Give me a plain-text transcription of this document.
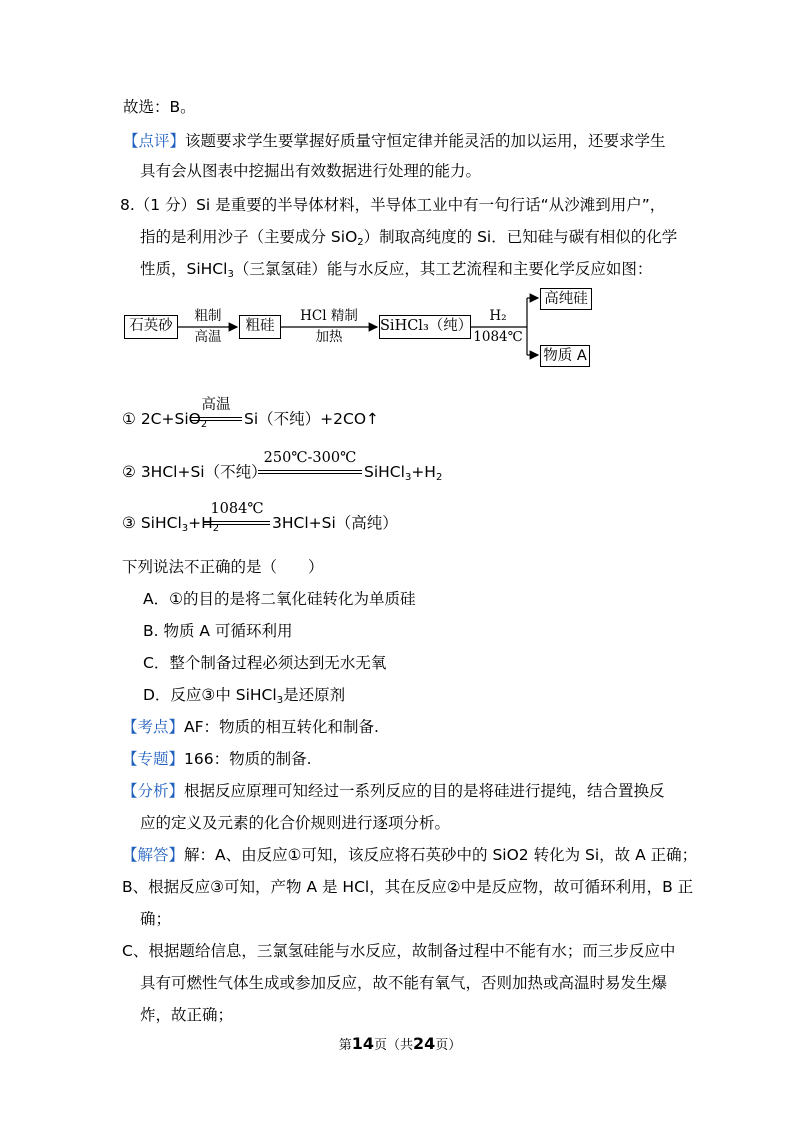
故选：B。
【点评】该题要求学生要掌握好质量守恒定律并能灵活的加以运用，还要求学生
具有会从图表中挖掘出有效数据进行处理的能力。
8.（1 分）Si 是重要的半导体材料，半导体工业中有一句行话“从沙滩到用户”，
指的是利用沙子（主要成分 SiO$_2$）制取高纯度的 Si．已知硅与碳有相似的化学
性质，SiHCl$_3$（三氯氢硅）能与水反应，其工艺流程和主要化学反应如图：
石英砂
粗制
高温
粗硅
HCl 精制
加热
SiHCl₃（纯）
H₂
1084℃
高纯硅
物质 A
① 2C+SiO$_2$
高温
Si（不纯）+2CO↑
② 3HCl+Si（不纯）
250℃-300℃
$SiHCl_3+H_2$
③ $SiHCl_3+H_2$
1084℃
3HCl+Si（高纯）
下列说法不正确的是（　　）
A．①的目的是将二氧化硅转化为单质硅
B. 物质 A 可循环利用
C．整个制备过程必须达到无水无氧
D．反应③中 SiHCl$_3$是还原剂
【考点】AF：物质的相互转化和制备.
【专题】166：物质的制备.
【分析】根据反应原理可知经过一系列反应的目的是将硅进行提纯，结合置换反
应的定义及元素的化合价规则进行逐项分析。
【解答】解：A、由反应①可知，该反应将石英砂中的 SiO2 转化为 Si，故 A 正确；
B、根据反应③可知，产物 A 是 HCl，其在反应②中是反应物，故可循环利用，B 正
确；
C、根据题给信息，三氯氢硅能与水反应，故制备过程中不能有水；而三步反应中
具有可燃性气体生成或参加反应，故不能有氧气，否则加热或高温时易发生爆
炸，故正确；
第14页（共24页）
